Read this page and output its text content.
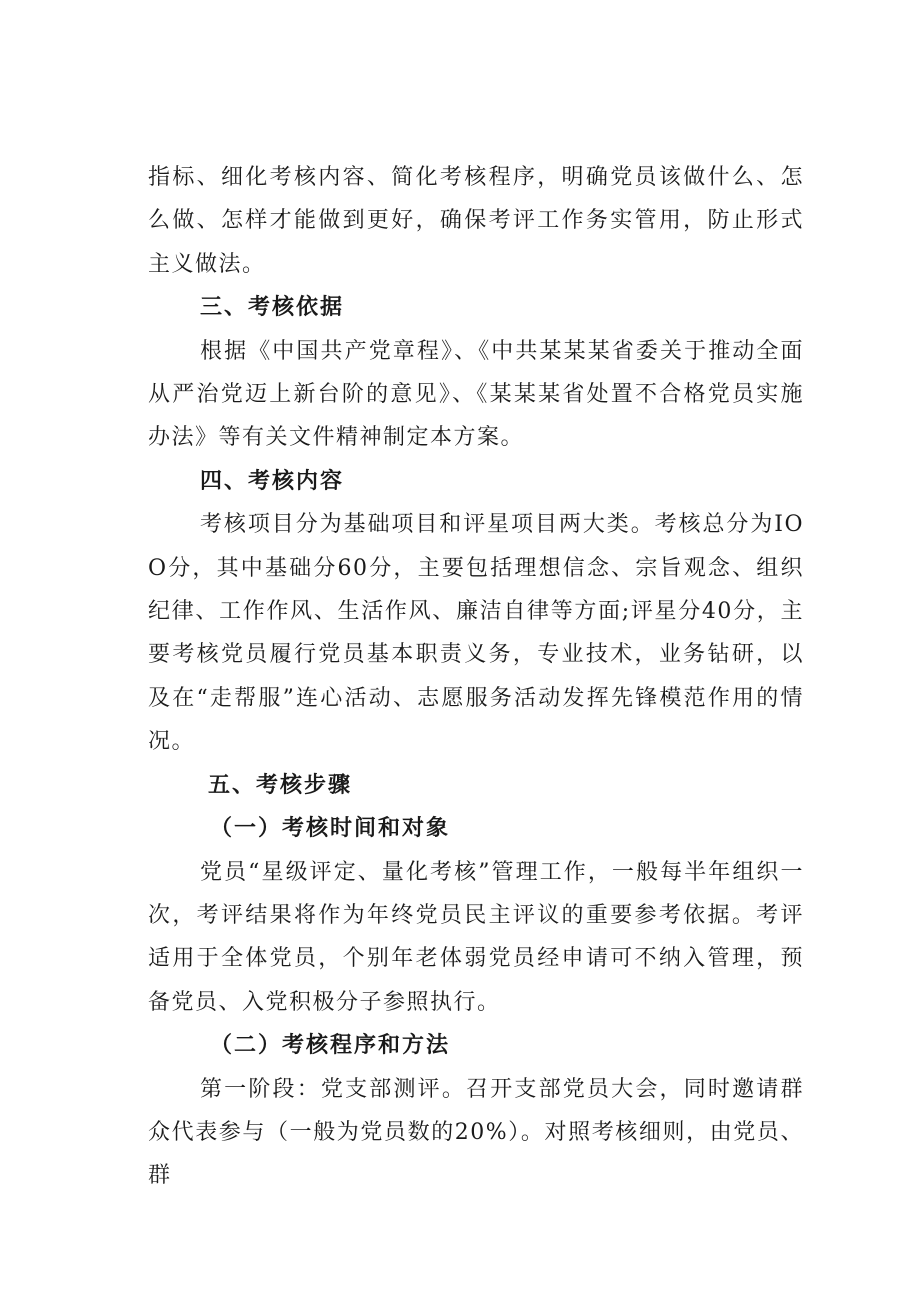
指标、细化考核内容、简化考核程序，明确党员该做什么、怎么做、怎样才能做到更好，确保考评工作务实管用，防止形式主义做法。

三、考核依据

根据《中国共产党章程》、《中共某某某省委关于推动全面从严治党迈上新台阶的意见》、《某某某省处置不合格党员实施办法》等有关文件精神制定本方案。

四、考核内容

考核项目分为基础项目和评星项目两大类。考核总分为IOO分，其中基础分60分，主要包括理想信念、宗旨观念、组织纪律、工作作风、生活作风、廉洁自律等方面;评星分40分，主要考核党员履行党员基本职责义务，专业技术，业务钻研，以及在“走帮服”连心活动、志愿服务活动发挥先锋模范作用的情况。

五、考核步骤
（一）考核时间和对象

党员“星级评定、量化考核”管理工作，一般每半年组织一次，考评结果将作为年终党员民主评议的重要参考依据。考评适用于全体党员，个别年老体弱党员经申请可不纳入管理，预备党员、入党积极分子参照执行。

（二）考核程序和方法

第一阶段：党支部测评。召开支部党员大会，同时邀请群众代表参与（一般为党员数的20%）。对照考核细则，由党员、群
